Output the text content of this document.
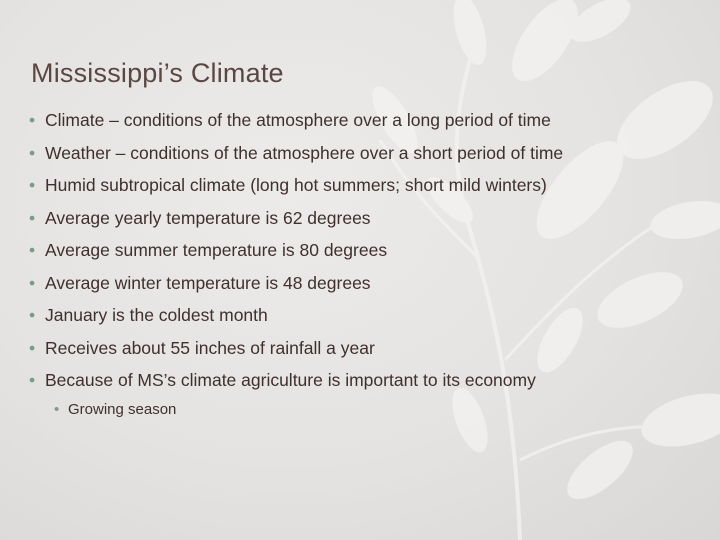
Mississippi’s Climate
• Climate – conditions of the atmosphere over a long period of time
• Weather – conditions of the atmosphere over a short period of time
• Humid subtropical climate (long hot summers; short mild winters)
• Average yearly temperature is 62 degrees
• Average summer temperature is 80 degrees
• Average winter temperature is 48 degrees
• January is the coldest month
• Receives about 55 inches of rainfall a year
• Because of MS’s climate agriculture is important to its economy
• Growing season
